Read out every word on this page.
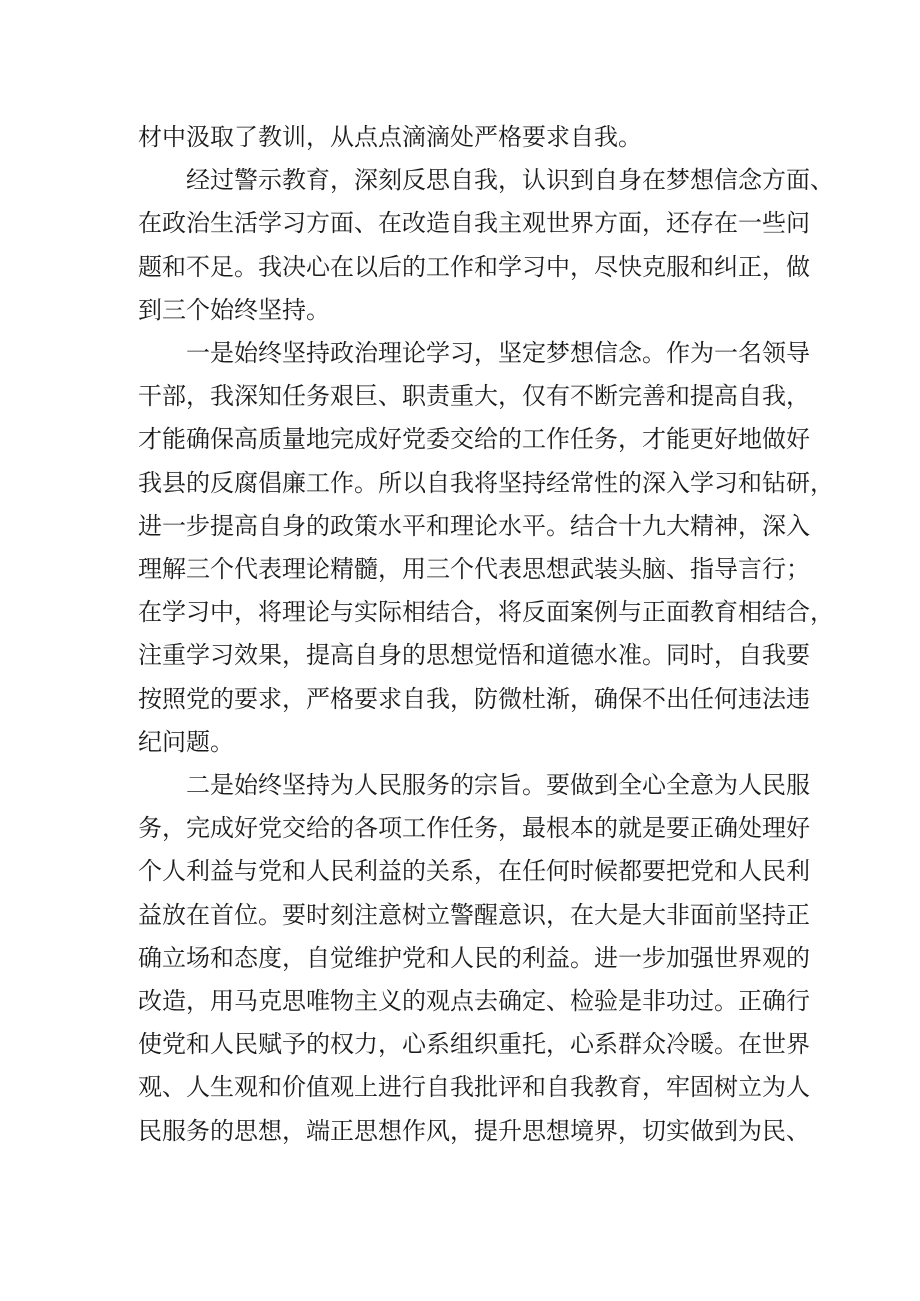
材中汲取了教训，从点点滴滴处严格要求自我。
经过警示教育，深刻反思自我，认识到自身在梦想信念方面、
在政治生活学习方面、在改造自我主观世界方面，还存在一些问
题和不足。我决心在以后的工作和学习中，尽快克服和纠正，做
到三个始终坚持。
一是始终坚持政治理论学习，坚定梦想信念。作为一名领导
干部，我深知任务艰巨、职责重大，仅有不断完善和提高自我，
才能确保高质量地完成好党委交给的工作任务，才能更好地做好
我县的反腐倡廉工作。所以自我将坚持经常性的深入学习和钻研，
进一步提高自身的政策水平和理论水平。结合十九大精神，深入
理解三个代表理论精髓，用三个代表思想武装头脑、指导言行；
在学习中，将理论与实际相结合，将反面案例与正面教育相结合，
注重学习效果，提高自身的思想觉悟和道德水准。同时，自我要
按照党的要求，严格要求自我，防微杜渐，确保不出任何违法违
纪问题。
二是始终坚持为人民服务的宗旨。要做到全心全意为人民服
务，完成好党交给的各项工作任务，最根本的就是要正确处理好
个人利益与党和人民利益的关系，在任何时候都要把党和人民利
益放在首位。要时刻注意树立警醒意识，在大是大非面前坚持正
确立场和态度，自觉维护党和人民的利益。进一步加强世界观的
改造，用马克思唯物主义的观点去确定、检验是非功过。正确行
使党和人民赋予的权力，心系组织重托，心系群众冷暖。在世界
观、人生观和价值观上进行自我批评和自我教育，牢固树立为人
民服务的思想，端正思想作风，提升思想境界，切实做到为民、
